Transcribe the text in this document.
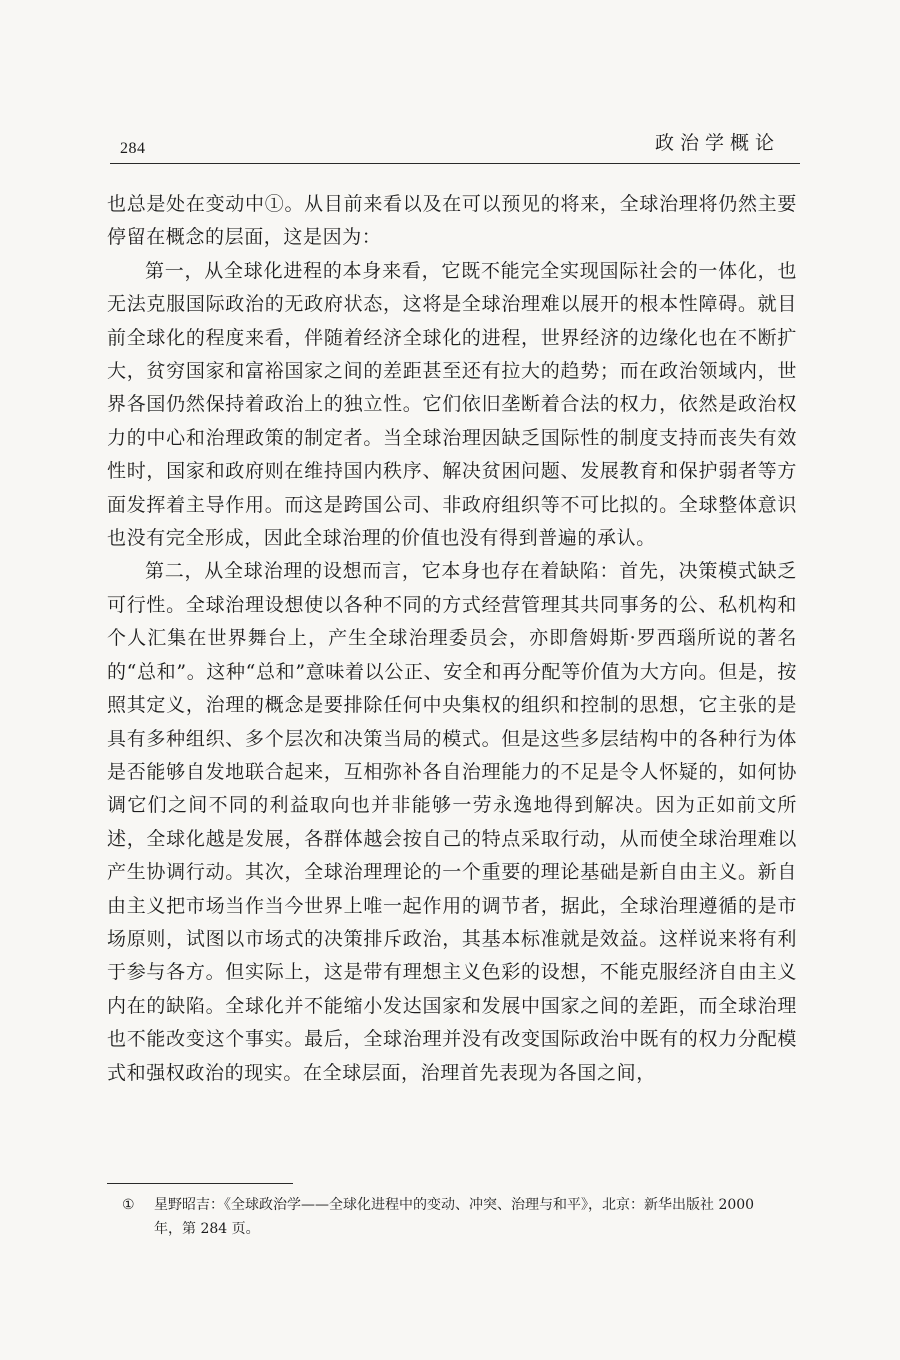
284	政治学概论

也总是处在变动中①。从目前来看以及在可以预见的将来，全球治理将仍然主要停留在概念的层面，这是因为：

第一，从全球化进程的本身来看，它既不能完全实现国际社会的一体化，也无法克服国际政治的无政府状态，这将是全球治理难以展开的根本性障碍。就目前全球化的程度来看，伴随着经济全球化的进程，世界经济的边缘化也在不断扩大，贫穷国家和富裕国家之间的差距甚至还有拉大的趋势；而在政治领域内，世界各国仍然保持着政治上的独立性。它们依旧垄断着合法的权力，依然是政治权力的中心和治理政策的制定者。当全球治理因缺乏国际性的制度支持而丧失有效性时，国家和政府则在维持国内秩序、解决贫困问题、发展教育和保护弱者等方面发挥着主导作用。而这是跨国公司、非政府组织等不可比拟的。全球整体意识也没有完全形成，因此全球治理的价值也没有得到普遍的承认。

第二，从全球治理的设想而言，它本身也存在着缺陷：首先，决策模式缺乏可行性。全球治理设想使以各种不同的方式经营管理其共同事务的公、私机构和个人汇集在世界舞台上，产生全球治理委员会，亦即詹姆斯·罗西瑙所说的著名的“总和”。这种“总和”意味着以公正、安全和再分配等价值为大方向。但是，按照其定义，治理的概念是要排除任何中央集权的组织和控制的思想，它主张的是具有多种组织、多个层次和决策当局的模式。但是这些多层结构中的各种行为体是否能够自发地联合起来，互相弥补各自治理能力的不足是令人怀疑的，如何协调它们之间不同的利益取向也并非能够一劳永逸地得到解决。因为正如前文所述，全球化越是发展，各群体越会按自己的特点采取行动，从而使全球治理难以产生协调行动。其次，全球治理理论的一个重要的理论基础是新自由主义。新自由主义把市场当作当今世界上唯一起作用的调节者，据此，全球治理遵循的是市场原则，试图以市场式的决策排斥政治，其基本标准就是效益。这样说来将有利于参与各方。但实际上，这是带有理想主义色彩的设想，不能克服经济自由主义内在的缺陷。全球化并不能缩小发达国家和发展中国家之间的差距，而全球治理也不能改变这个事实。最后，全球治理并没有改变国际政治中既有的权力分配模式和强权政治的现实。在全球层面，治理首先表现为各国之间，

① 星野昭吉：《全球政治学——全球化进程中的变动、冲突、治理与和平》，北京：新华出版社 2000
年，第 284 页。
